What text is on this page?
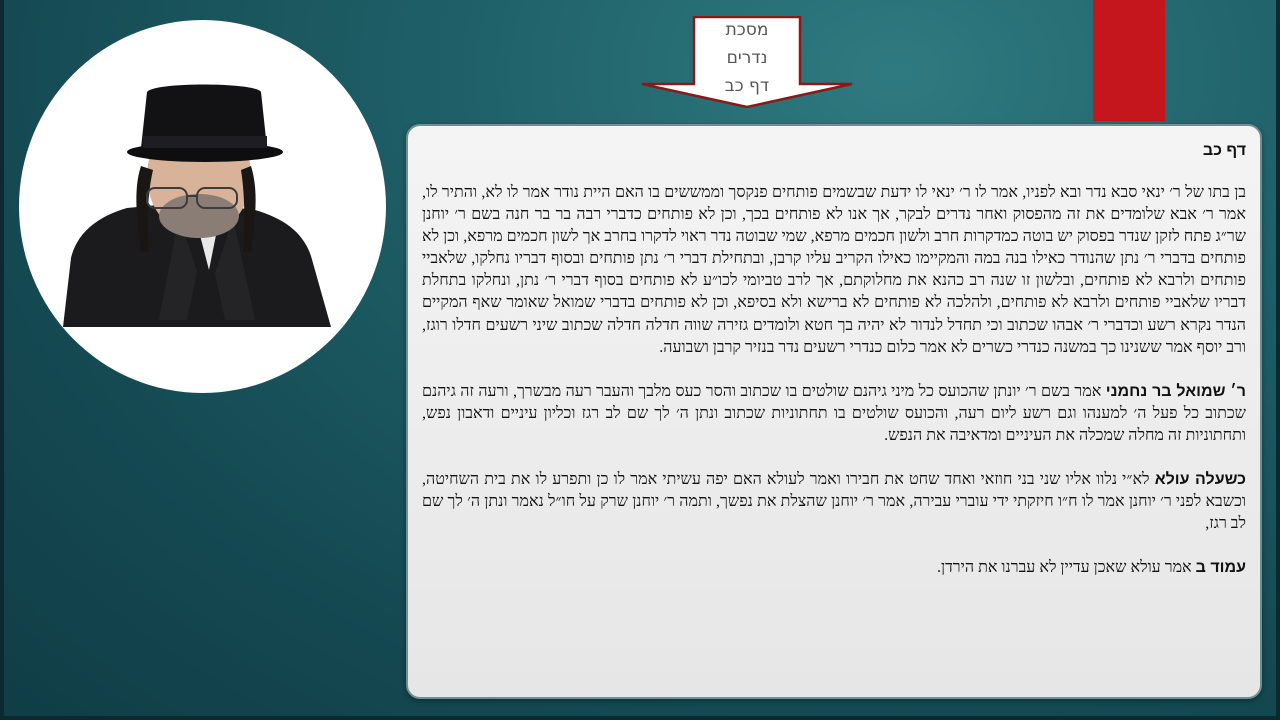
מסכת
נדרים
דף כב
דף כב

בן בתו של ר׳ ינאי סבא נדר ובא לפניו, אמר לו ר׳ ינאי לו ידעת שבשמים פותחים פנקסך וממששים בו האם היית נודר אמר לו לא, והתיר לו, אמר ר׳ אבא שלומדים את זה מהפסוק ואחר נדרים לבקר, אך אנו לא פותחים בכך, וכן לא פותחים כדברי רבה בר בר חנה בשם ר׳ יוחנן שר״ג פתח לזקן שנדר בפסוק יש בוטה כמדקרות חרב ולשון חכמים מרפא, שמי שבוטה נדר ראוי לדקרו בחרב אך לשון חכמים מרפא, וכן לא פותחים בדברי ר׳ נתן שהנודר כאילו בנה במה והמקיימו כאילו הקריב עליו קרבן, ובתחילת דברי ר׳ נתן פותחים ובסוף דבריו נחלקו, שלאביי פותחים ולרבא לא פותחים, ובלשון זו שנה רב כהנא את מחלוקתם, אך לרב טביומי לכו״ע לא פותחים בסוף דברי ר׳ נתן, ונחלקו בתחלת דבריו שלאביי פותחים ולרבא לא פותחים, ולהלכה לא פותחים לא ברישא ולא בסיפא, וכן לא פותחים בדברי שמואל שאומר שאף המקיים הנדר נקרא רשע וכדברי ר׳ אבהו שכתוב וכי תחדל לנדור לא יהיה בך חטא ולומדים גזירה שווה חדלה חדלה שכתוב שיני רשעים חדלו רוגז, ורב יוסף אמר ששנינו כך במשנה כנדרי כשרים לא אמר כלום כנדרי רשעים נדר בנזיר קרבן ושבועה.

ר׳ שמואל בר נחמני אמר בשם ר׳ יונתן שהכועס כל מיני גיהנם שולטים בו שכתוב והסר כעס מלבך והעבר רעה מבשרך, ורעה זה גיהנם שכתוב כל פעל ה׳ למענהו וגם רשע ליום רעה, והכועס שולטים בו תחתוניות שכתוב ונתן ה׳ לך שם לב רגז וכליון עיניים ודאבון נפש, ותחתוניות זה מחלה שמכלה את העיניים ומדאיבה את הנפש.

כשעלה עולא לא״י נלוו אליו שני בני חוזאי ואחד שחט את חבירו ואמר לעולא האם יפה עשיתי אמר לו כן ותפרע לו את בית השחיטה, וכשבא לפני ר׳ יוחנן אמר לו ח״ו חיזקתי ידי עוברי עבירה, אמר ר׳ יוחנן שהצלת את נפשך, ותמה ר׳ יוחנן שרק על חו״ל נאמר ונתן ה׳ לך שם לב רגז,

עמוד ב אמר עולא שאכן עדיין לא עברנו את הירדן.
